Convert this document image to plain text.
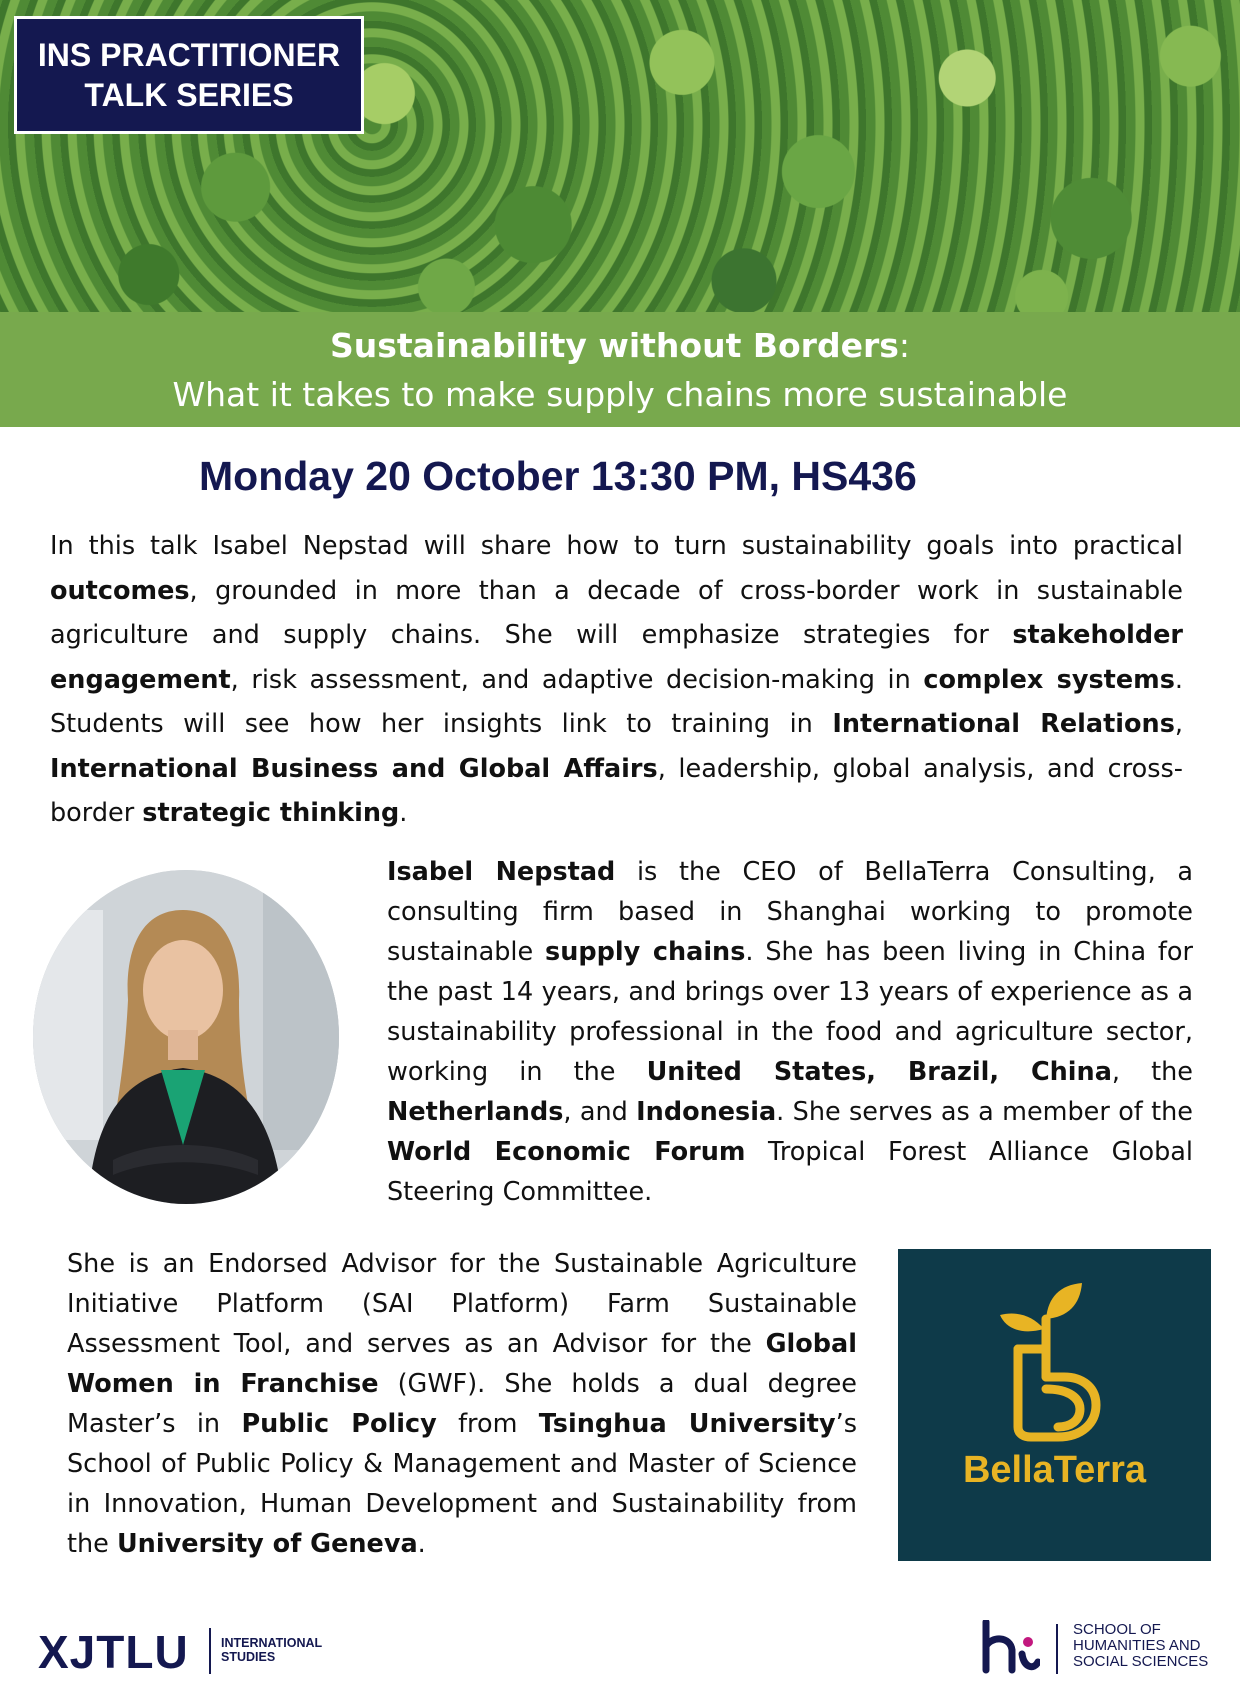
INS PRACTITIONER
TALK SERIES
Sustainability without Borders:
What it takes to make supply chains more sustainable
Monday 20 October 13:30 PM, HS436

In this talk Isabel Nepstad will share how to turn sustainability goals into practical outcomes, grounded in more than a decade of cross-border work in sustainable agriculture and supply chains. She will emphasize strategies for stakeholder engagement, risk assessment, and adaptive decision-making in complex systems. Students will see how her insights link to training in International Relations, International Business and Global Affairs, leadership, global analysis, and cross-border strategic thinking.

Isabel Nepstad is the CEO of BellaTerra Consulting, a consulting firm based in Shanghai working to promote sustainable supply chains. She has been living in China for the past 14 years, and brings over 13 years of experience as a sustainability professional in the food and agriculture sector, working in the United States, Brazil, China, the Netherlands, and Indonesia. She serves as a member of the World Economic Forum Tropical Forest Alliance Global Steering Committee.

She is an Endorsed Advisor for the Sustainable Agriculture Initiative Platform (SAI Platform) Farm Sustainable Assessment Tool, and serves as an Advisor for the Global Women in Franchise (GWF). She holds a dual degree Master’s in Public Policy from Tsinghua University’s School of Public Policy & Management and Master of Science in Innovation, Human Development and Sustainability from the University of Geneva.

BellaTerra
XJTLU	INTERNATIONAL
STUDIES
SCHOOL OF
HUMANITIES AND
SOCIAL SCIENCES
